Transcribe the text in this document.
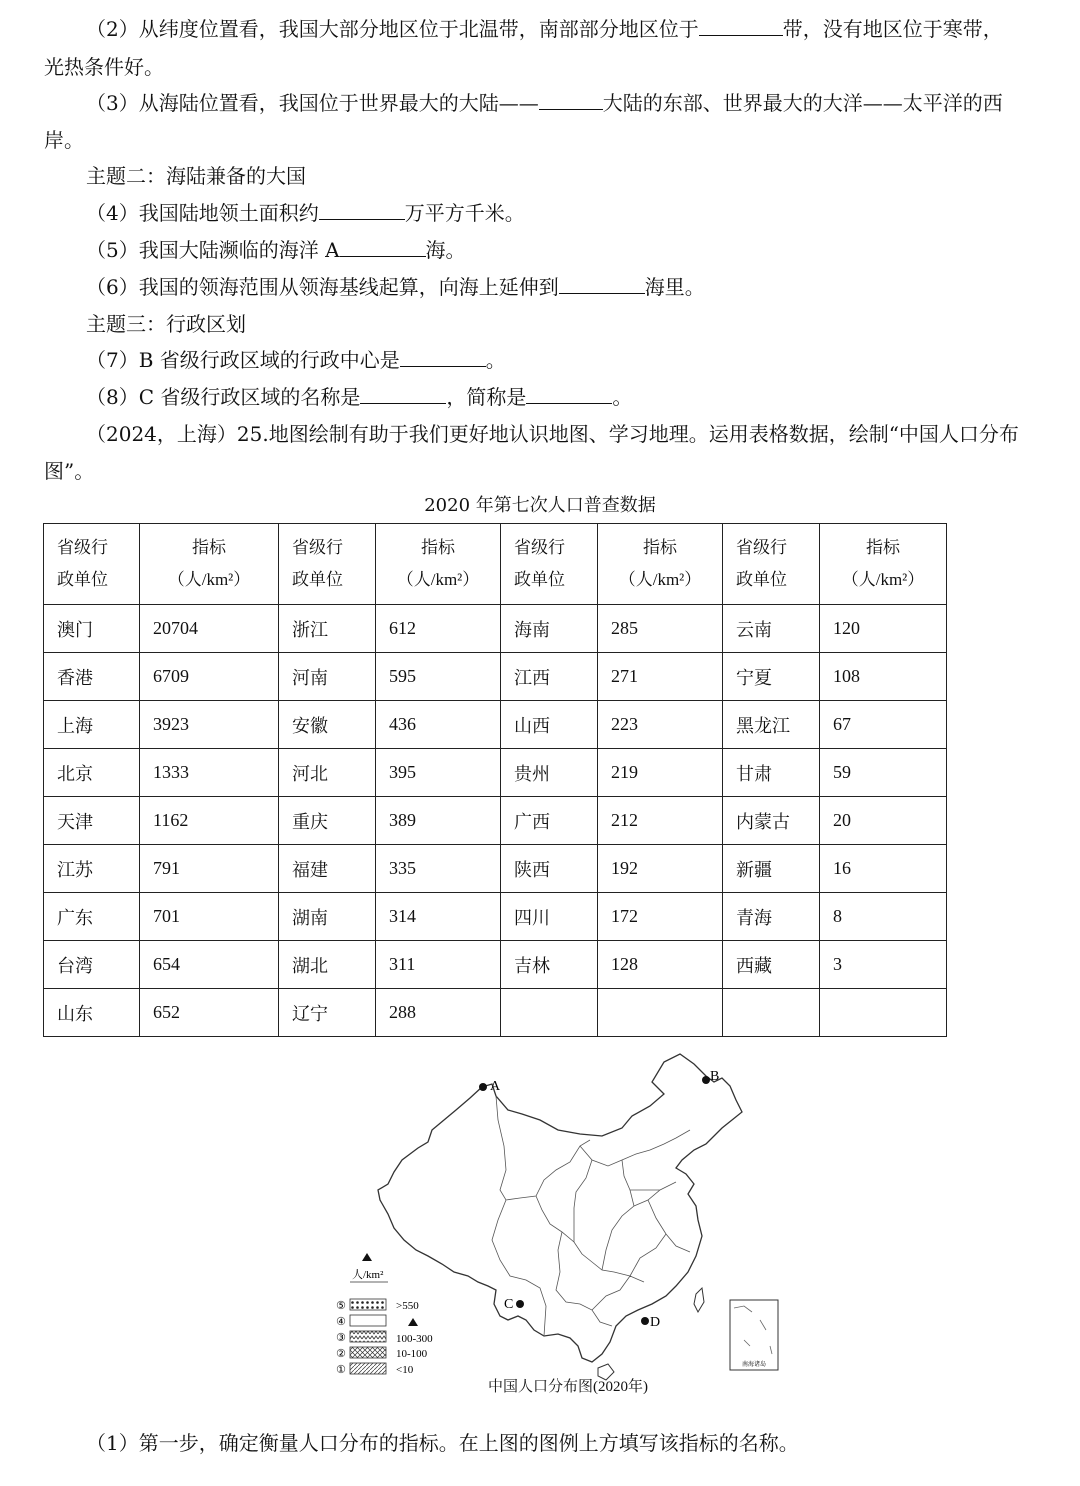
（2）从纬度位置看，我国大部分地区位于北温带，南部部分地区位于	带，没有地区位于寒带，
光热条件好。
（3）从海陆位置看，我国位于世界最大的大陆——	大陆的东部、世界最大的大洋——太平洋的西
岸。
主题二：海陆兼备的大国
（4）我国陆地领土面积约	万平方千米。
（5）我国大陆濒临的海洋 A	海。
（6）我国的领海范围从领海基线起算，向海上延伸到	海里。
主题三：行政区划
（7）B 省级行政区域的行政中心是	。
（8）C 省级行政区域的名称是	，简称是	。
（2024，上海）25.地图绘制有助于我们更好地认识地图、学习地理。运用表格数据，绘制“中国人口分布
图”。
2020 年第七次人口普查数据
省级行
政单位	指标
（人/km²）	省级行
政单位	指标
（人/km²）	省级行
政单位	指标
（人/km²）	省级行
政单位	指标
（人/km²）

澳门	20704	浙江	612	海南	285	云南	120
香港	6709	河南	595	江西	271	宁夏	108
上海	3923	安徽	436	山西	223	黑龙江	67
北京	1333	河北	395	贵州	219	甘肃	59
天津	1162	重庆	389	广西	212	内蒙古	20
江苏	791	福建	335	陕西	192	新疆	16
广东	701	湖南	314	四川	172	青海	8
台湾	654	湖北	311	吉林	128	西藏	3
山东	652	辽宁	288				
南海诸岛
A
B
C
D
人/km²
⑤	>550
④
③	100-300
②	10-100
①	<10
中国人口分布图(2020年)
（1）第一步，确定衡量人口分布的指标。在上图的图例上方填写该指标的名称。
